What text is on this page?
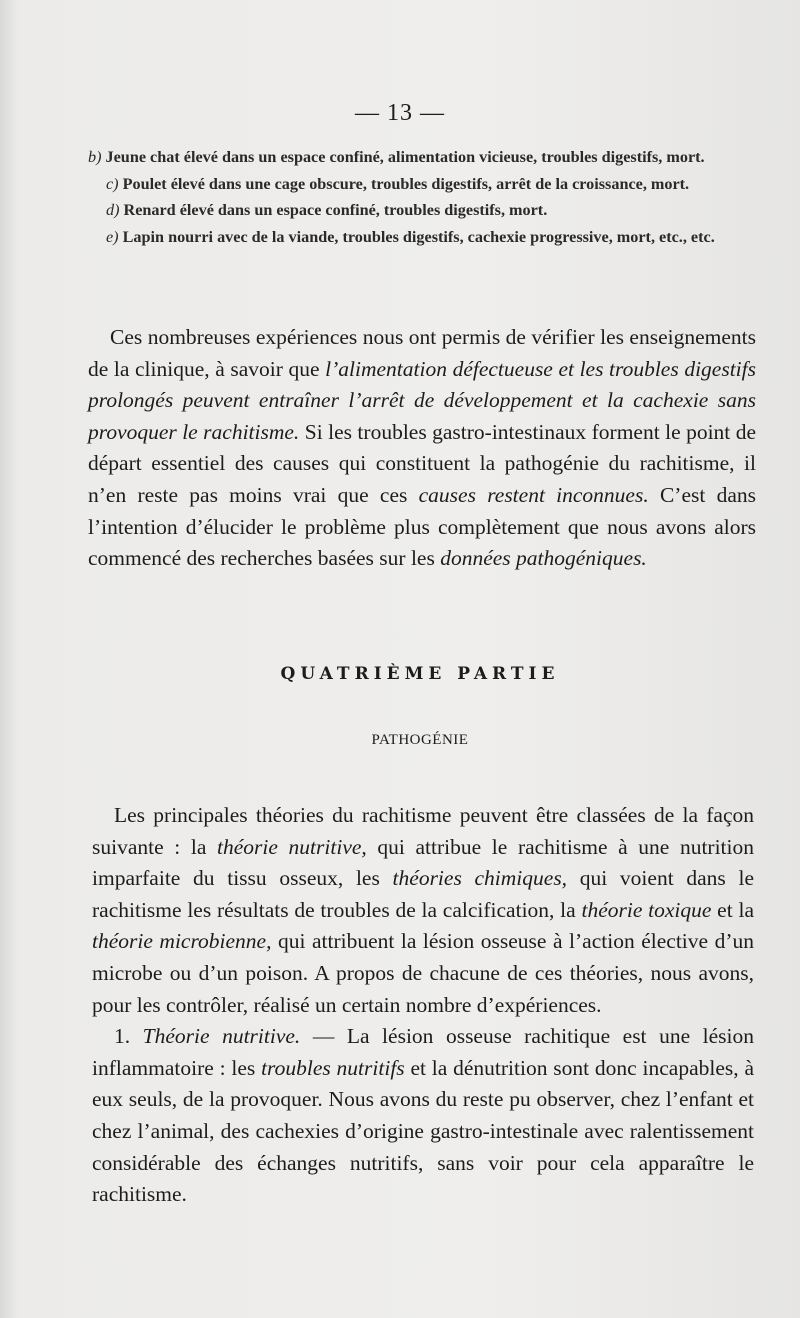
— 13 —

b) Jeune chat élevé dans un espace confiné, alimentation vicieuse, troubles digestifs, mort.

c) Poulet élevé dans une cage obscure, troubles digestifs, arrêt de la croissance, mort.

d) Renard élevé dans un espace confiné, troubles digestifs, mort.

e) Lapin nourri avec de la viande, troubles digestifs, cachexie progressive, mort, etc., etc.

Ces nombreuses expériences nous ont permis de vérifier les enseignements de la clinique, à savoir que l’alimentation défectueuse et les troubles digestifs prolongés peuvent entraîner l’arrêt de développement et la cachexie sans provoquer le rachitisme. Si les troubles gastro-intestinaux forment le point de départ essentiel des causes qui constituent la pathogénie du rachitisme, il n’en reste pas moins vrai que ces causes restent inconnues. C’est dans l’intention d’élucider le problème plus complètement que nous avons alors commencé des recherches basées sur les données pathogéniques.

QUATRIÈME PARTIE
PATHOGÉNIE

Les principales théories du rachitisme peuvent être classées de la façon suivante : la théorie nutritive, qui attribue le rachitisme à une nutrition imparfaite du tissu osseux, les théories chimiques, qui voient dans le rachitisme les résultats de troubles de la calcification, la théorie toxique et la théorie microbienne, qui attribuent la lésion osseuse à l’action élective d’un microbe ou d’un poison. A propos de chacune de ces théories, nous avons, pour les contrôler, réalisé un certain nombre d’expériences.

1. Théorie nutritive. — La lésion osseuse rachitique est une lésion inflammatoire : les troubles nutritifs et la dénutrition sont donc incapables, à eux seuls, de la provoquer. Nous avons du reste pu observer, chez l’enfant et chez l’animal, des cachexies d’origine gastro-intestinale avec ralentissement considérable des échanges nutritifs, sans voir pour cela apparaître le rachitisme.
